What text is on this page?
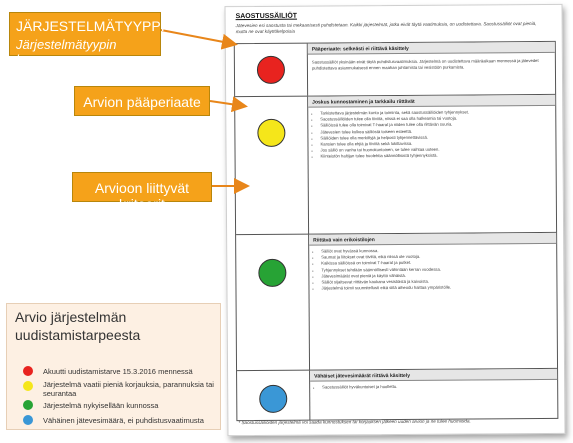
SAOSTUSSÄILIÖT
Jätevesien esi saostusta tai mekaanisesti puhdistetaan. Kaikki järjestelmät, jotka eivät täytä vaatimuksia, on uudistettava. Saostussäiliöt ovat pieniä, mutta ne ovat käyttökelpoisia
Pääperiaate: selkeästi ei riittävä käsittely
Saostussäiliöt yksinään eivät täytä puhdistusvaatimuksia. Järjestelmä on uudistettava määräaikaan mennessä ja jätevedet puhdistettava asianmukaisesti ennen maahan johtamista tai vesistöön purkamista.
Joskus kunnostaminen ja tarkkailu riittävät
• Tarkistettava järjestelmän kunto ja toiminta, sekä saostussäiliöiden tyhjennykset.
• Saostussäiliöiden tulee olla tiiviitä, niissä ei saa olla halkeamia tai vuotoja.
• Säiliöissä tulee olla toimivat T-haarat ja niiden tulee olla riittävän suuria.
• Jätevesien tulee kulkea säiliöstä toiseen esteettä.
• Säiliöiden tulee olla merkittyjä ja helposti tyhjennettävissä.
• Kansien tulee olla ehjiä ja tiiviitä sekä lukittavissa.
• Jos säiliö on vanha tai huonokuntoinen, se tulee vaihtaa uuteen.
• Kiinteistön haltijan tulee huolehtia säännöllisistä tyhjennyksistä.
Riittävä vain erikoistilojen
• Säiliöt ovat hyvässä kunnossa.
• Saumat ja liitokset ovat tiiviitä, eikä niissä ole vuotoja.
• Kaikissa säiliöissä on toimivat T-haarat ja putket.
• Tyhjennykset tehdään säännöllisesti vähintään kerran vuodessa.
• Jätevesimäärät ovat pieniä ja käyttö vähäistä.
• Säiliöt sijaitsevat riittävän kaukana vesistöistä ja kaivoista.
• Järjestelmä toimii suunnitellusti eikä siitä aiheudu haittaa ympäristölle.
Vähäiset jätevesimäärät riittävä käsittely
• Saostussäiliöt hyväkuntoiset ja huollettu.
* Saostussäiliöiden järjestelmä voi saada kunnostuksen tai korjauksen jälkeen uuden arvion ja ne tulee huomioida.
JÄRJESTELMÄTYYPPI
Järjestelmätyypin kuvaus
Arvion pääperiaate
Arvioon liittyvät kriteerit
Arvio järjestelmän uudistamistarpeesta
Akuutti uudistamistarve 15.3.2016 mennessä
Järjestelmä vaatii pieniä korjauksia, parannuksia tai seurantaa
Järjestelmä nykyisellään kunnossa
Vähäinen jätevesimäärä, ei puhdistusvaatimusta
